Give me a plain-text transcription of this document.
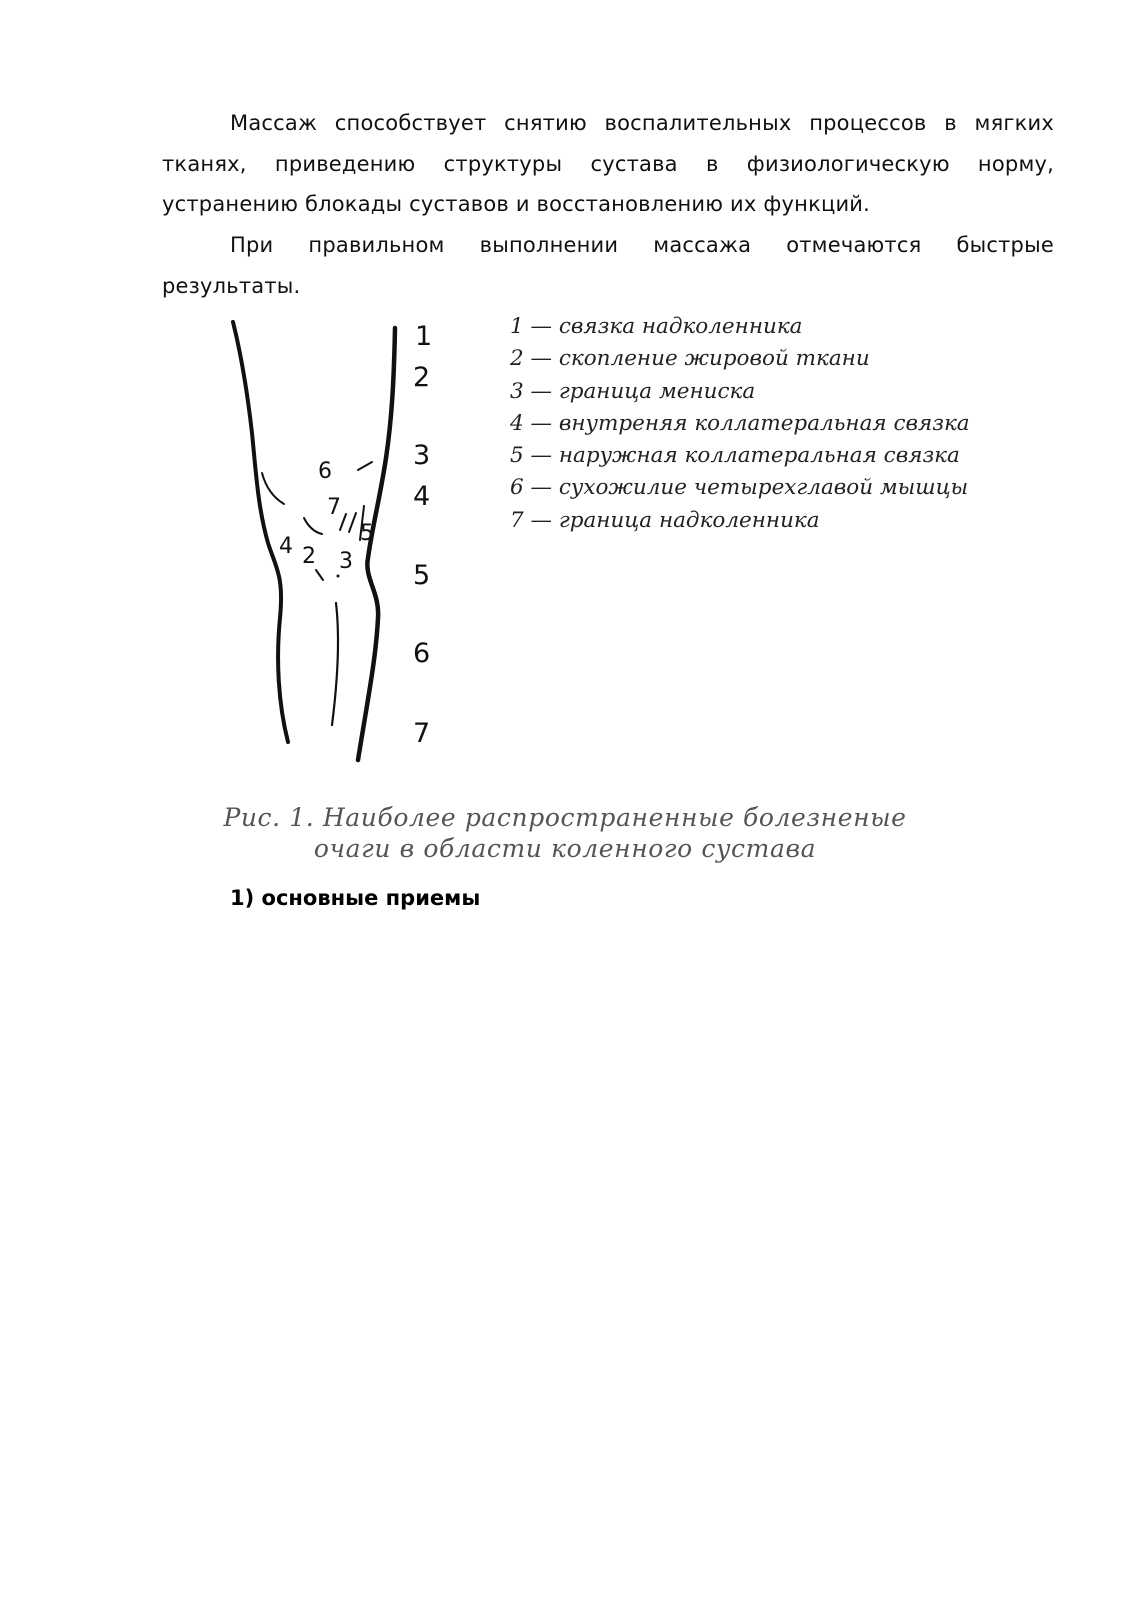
Массаж способствует снятию воспалительных процессов в мягких тканях, приведению структуры сустава в физиологическую норму, устранению блокады суставов и восстановлению их функций.

При правильном выполнении массажа отмечаются быстрые результаты.

6
7
5
4 2 3
1
2
3
4
5
6
7
1 — связка надколенника
2 — скопление жировой ткани
3 — граница мениска
4 — внутреняя коллатеральная связка
5 — наружная коллатеральная связка
6 — сухожилие четырехглавой мышцы
7 — граница надколенника

Рис. 1. Наиболее распространенные болезненые
очаги в области коленного сустава

1) основные приемы
